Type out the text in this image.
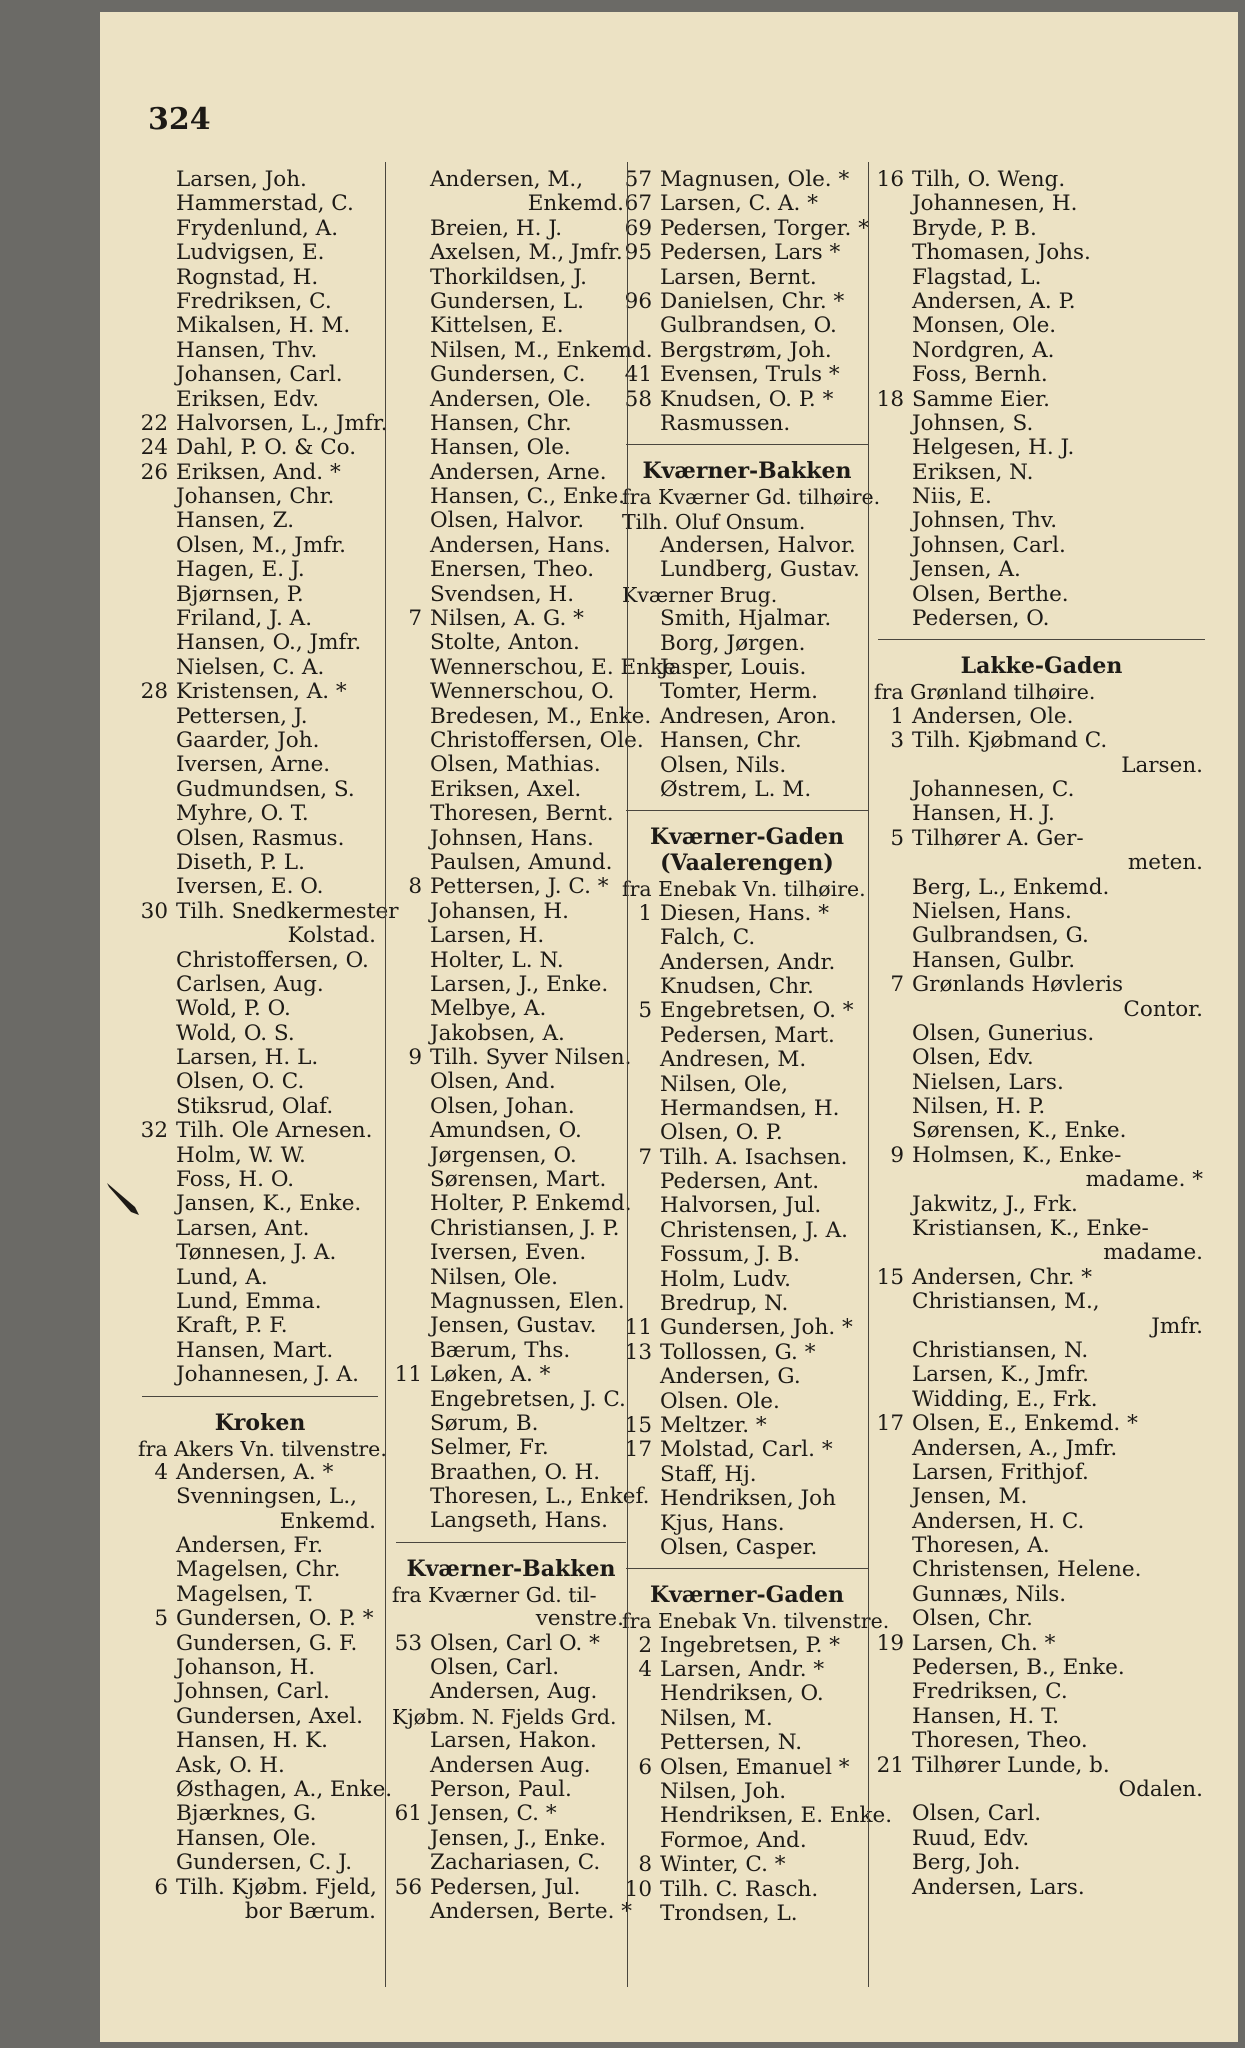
324
Larsen, Joh.
Hammerstad, C.
Frydenlund, A.
Ludvigsen, E.
Rognstad, H.
Fredriksen, C.
Mikalsen, H. M.
Hansen, Thv.
Johansen, Carl.
Eriksen, Edv.
22 Halvorsen, L., Jmfr.
24 Dahl, P. O. & Co.
26 Eriksen, And. *
Johansen, Chr.
Hansen, Z.
Olsen, M., Jmfr.
Hagen, E. J.
Bjørnsen, P.
Friland, J. A.
Hansen, O., Jmfr.
Nielsen, C. A.
28 Kristensen, A. *
Pettersen, J.
Gaarder, Joh.
Iversen, Arne.
Gudmundsen, S.
Myhre, O. T.
Olsen, Rasmus.
Diseth, P. L.
Iversen, E. O.
30 Tilh. Snedkermester
Kolstad.
Christoffersen, O.
Carlsen, Aug.
Wold, P. O.
Wold, O. S.
Larsen, H. L.
Olsen, O. C.
Stiksrud, Olaf.
32 Tilh. Ole Arnesen.
Holm, W. W.
Foss, H. O.
Jansen, K., Enke.
Larsen, Ant.
Tønnesen, J. A.
Lund, A.
Lund, Emma.
Kraft, P. F.
Hansen, Mart.
Johannesen, J. A.
Kroken
fra Akers Vn. tilvenstre.
4 Andersen, A. *
Svenningsen, L.,
Enkemd.
Andersen, Fr.
Magelsen, Chr.
Magelsen, T.
5 Gundersen, O. P. *
Gundersen, G. F.
Johanson, H.
Johnsen, Carl.
Gundersen, Axel.
Hansen, H. K.
Ask, O. H.
Østhagen, A., Enke.
Bjærknes, G.
Hansen, Ole.
Gundersen, C. J.
6 Tilh. Kjøbm. Fjeld,
bor Bærum.
Andersen, M.,
Enkemd.
Breien, H. J.
Axelsen, M., Jmfr.
Thorkildsen, J.
Gundersen, L.
Kittelsen, E.
Nilsen, M., Enkemd.
Gundersen, C.
Andersen, Ole.
Hansen, Chr.
Hansen, Ole.
Andersen, Arne.
Hansen, C., Enke.
Olsen, Halvor.
Andersen, Hans.
Enersen, Theo.
Svendsen, H.
7 Nilsen, A. G. *
Stolte, Anton.
Wennerschou, E. Enke
Wennerschou, O.
Bredesen, M., Enke.
Christoffersen, Ole.
Olsen, Mathias.
Eriksen, Axel.
Thoresen, Bernt.
Johnsen, Hans.
Paulsen, Amund.
8 Pettersen, J. C. *
Johansen, H.
Larsen, H.
Holter, L. N.
Larsen, J., Enke.
Melbye, A.
Jakobsen, A.
9 Tilh. Syver Nilsen.
Olsen, And.
Olsen, Johan.
Amundsen, O.
Jørgensen, O.
Sørensen, Mart.
Holter, P. Enkemd.
Christiansen, J. P.
Iversen, Even.
Nilsen, Ole.
Magnussen, Elen.
Jensen, Gustav.
Bærum, Ths.
11 Løken, A. *
Engebretsen, J. C.
Sørum, B.
Selmer, Fr.
Braathen, O. H.
Thoresen, L., Enkef.
Langseth, Hans.
Kværner-Bakken
fra Kværner Gd. til-
venstre.
53 Olsen, Carl O. *
Olsen, Carl.
Andersen, Aug.
Kjøbm. N. Fjelds Grd.
Larsen, Hakon.
Andersen Aug.
Person, Paul.
61 Jensen, C. *
Jensen, J., Enke.
Zachariasen, C.
56 Pedersen, Jul.
Andersen, Berte. *
57 Magnusen, Ole. *
67 Larsen, C. A. *
69 Pedersen, Torger. *
95 Pedersen, Lars *
Larsen, Bernt.
96 Danielsen, Chr. *
Gulbrandsen, O.
Bergstrøm, Joh.
41 Evensen, Truls *
58 Knudsen, O. P. *
Rasmussen.
Kværner-Bakken
fra Kværner Gd. tilhøire.
Tilh. Oluf Onsum.
Andersen, Halvor.
Lundberg, Gustav.
Kværner Brug.
Smith, Hjalmar.
Borg, Jørgen.
Jasper, Louis.
Tomter, Herm.
Andresen, Aron.
Hansen, Chr.
Olsen, Nils.
Østrem, L. M.
Kværner-Gaden
(Vaalerengen)
fra Enebak Vn. tilhøire.
1 Diesen, Hans. *
Falch, C.
Andersen, Andr.
Knudsen, Chr.
5 Engebretsen, O. *
Pedersen, Mart.
Andresen, M.
Nilsen, Ole,
Hermandsen, H.
Olsen, O. P.
7 Tilh. A. Isachsen.
Pedersen, Ant.
Halvorsen, Jul.
Christensen, J. A.
Fossum, J. B.
Holm, Ludv.
Bredrup, N.
11 Gundersen, Joh. *
13 Tollossen, G. *
Andersen, G.
Olsen. Ole.
15 Meltzer. *
17 Molstad, Carl. *
Staff, Hj.
Hendriksen, Joh
Kjus, Hans.
Olsen, Casper.
Kværner-Gaden
fra Enebak Vn. tilvenstre.
2 Ingebretsen, P. *
4 Larsen, Andr. *
Hendriksen, O.
Nilsen, M.
Pettersen, N.
6 Olsen, Emanuel *
Nilsen, Joh.
Hendriksen, E. Enke.
Formoe, And.
8 Winter, C. *
10 Tilh. C. Rasch.
Trondsen, L.
16 Tilh, O. Weng.
Johannesen, H.
Brydе, P. B.
Thomasen, Johs.
Flagstad, L.
Andersen, A. P.
Monsen, Ole.
Nordgren, A.
Foss, Bernh.
18 Samme Eier.
Johnsen, S.
Helgesen, H. J.
Eriksen, N.
Niis, E.
Johnsen, Thv.
Johnsen, Carl.
Jensen, A.
Olsen, Berthe.
Pedersen, O.
Lakke-Gaden
fra Grønland tilhøire.
1 Andersen, Ole.
3 Tilh. Kjøbmand C.
Larsen.
Johannesen, C.
Hansen, H. J.
5 Tilhører A. Ger-
meten.
Berg, L., Enkemd.
Nielsen, Hans.
Gulbrandsen, G.
Hansen, Gulbr.
7 Grønlands Høvleris
Contor.
Olsen, Gunerius.
Olsen, Edv.
Nielsen, Lars.
Nilsen, H. P.
Sørensen, K., Enke.
9 Holmsen, K., Enke-
madame. *
Jakwitz, J., Frk.
Kristiansen, K., Enke-
madame.
15 Andersen, Chr. *
Christiansen, M.,
Jmfr.
Christiansen, N.
Larsen, K., Jmfr.
Widding, E., Frk.
17 Olsen, E., Enkemd. *
Andersen, A., Jmfr.
Larsen, Frithjof.
Jensen, M.
Andersen, H. C.
Thoresen, A.
Christensen, Helene.
Gunnæs, Nils.
Olsen, Chr.
19 Larsen, Ch. *
Pedersen, B., Enke.
Fredriksen, C.
Hansen, H. T.
Thoresen, Theo.
21 Tilhører Lunde, b.
Odalen.
Olsen, Carl.
Ruud, Edv.
Berg, Joh.
Andersen, Lars.
